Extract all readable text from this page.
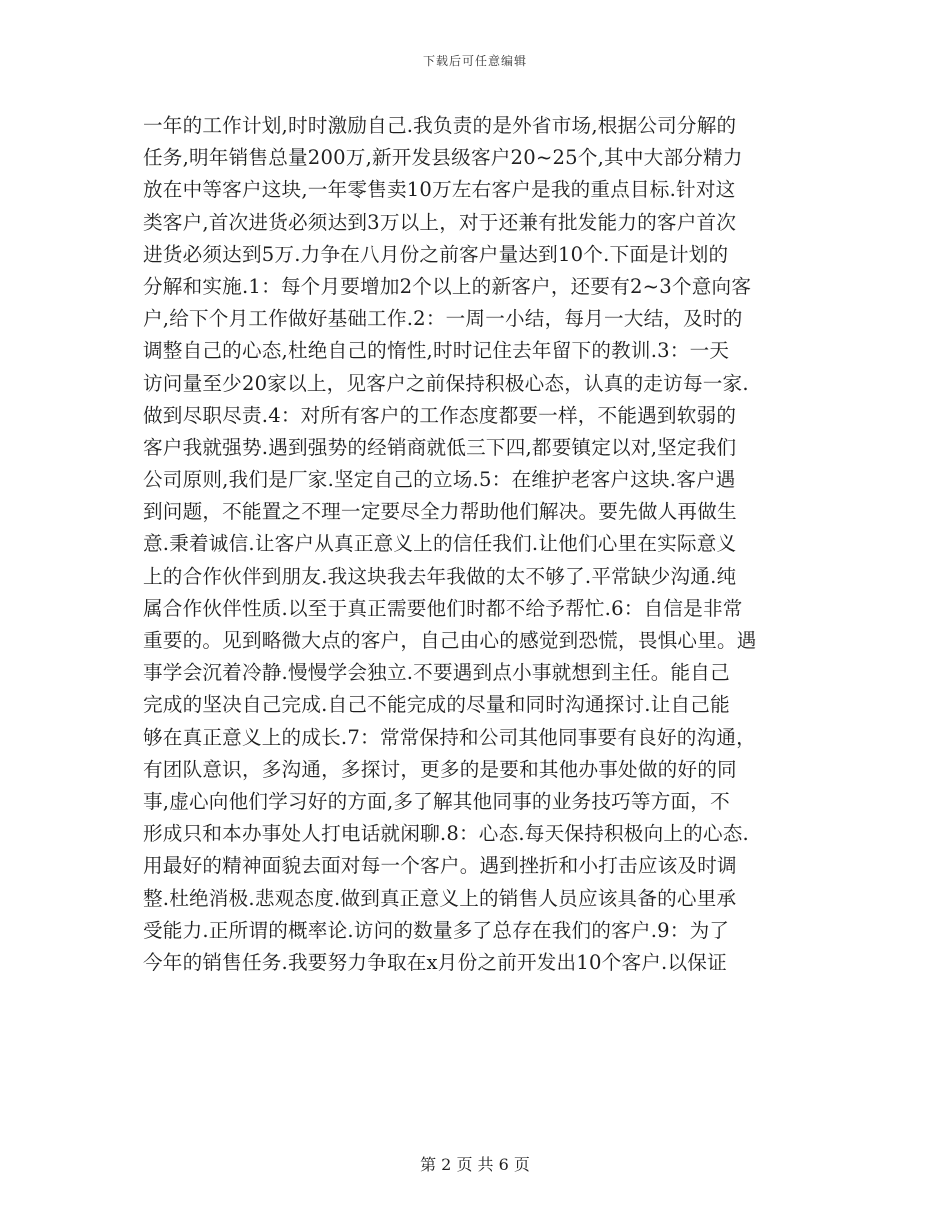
下载后可任意编辑
一年的工作计划,时时激励自己.我负责的是外省市场,根据公司分解的
任务,明年销售总量200万,新开发县级客户20~25个,其中大部分精力
放在中等客户这块,一年零售卖10万左右客户是我的重点目标.针对这
类客户,首次进货必须达到3万以上，对于还兼有批发能力的客户首次
进货必须达到5万.力争在八月份之前客户量达到10个.下面是计划的
分解和实施.1：每个月要增加2个以上的新客户，还要有2~3个意向客
户,给下个月工作做好基础工作.2：一周一小结，每月一大结，及时的
调整自己的心态,杜绝自己的惰性,时时记住去年留下的教训.3：一天
访问量至少20家以上，见客户之前保持积极心态，认真的走访每一家.
做到尽职尽责.4：对所有客户的工作态度都要一样，不能遇到软弱的
客户我就强势.遇到强势的经销商就低三下四,都要镇定以对,坚定我们
公司原则,我们是厂家.坚定自己的立场.5：在维护老客户这块.客户遇
到问题，不能置之不理一定要尽全力帮助他们解决。要先做人再做生
意.秉着诚信.让客户从真正意义上的信任我们.让他们心里在实际意义
上的合作伙伴到朋友.我这块我去年我做的太不够了.平常缺少沟通.纯
属合作伙伴性质.以至于真正需要他们时都不给予帮忙.6：自信是非常
重要的。见到略微大点的客户，自己由心的感觉到恐慌，畏惧心里。遇
事学会沉着冷静.慢慢学会独立.不要遇到点小事就想到主任。能自己
完成的坚决自己完成.自己不能完成的尽量和同时沟通探讨.让自己能
够在真正意义上的成长.7：常常保持和公司其他同事要有良好的沟通，
有团队意识，多沟通，多探讨，更多的是要和其他办事处做的好的同
事,虚心向他们学习好的方面,多了解其他同事的业务技巧等方面，不
形成只和本办事处人打电话就闲聊.8：心态.每天保持积极向上的心态.
用最好的精神面貌去面对每一个客户。遇到挫折和小打击应该及时调
整.杜绝消极.悲观态度.做到真正意义上的销售人员应该具备的心里承
受能力.正所谓的概率论.访问的数量多了总存在我们的客户.9：为了
今年的销售任务.我要努力争取在x月份之前开发出10个客户.以保证
第 2 页 共 6 页
